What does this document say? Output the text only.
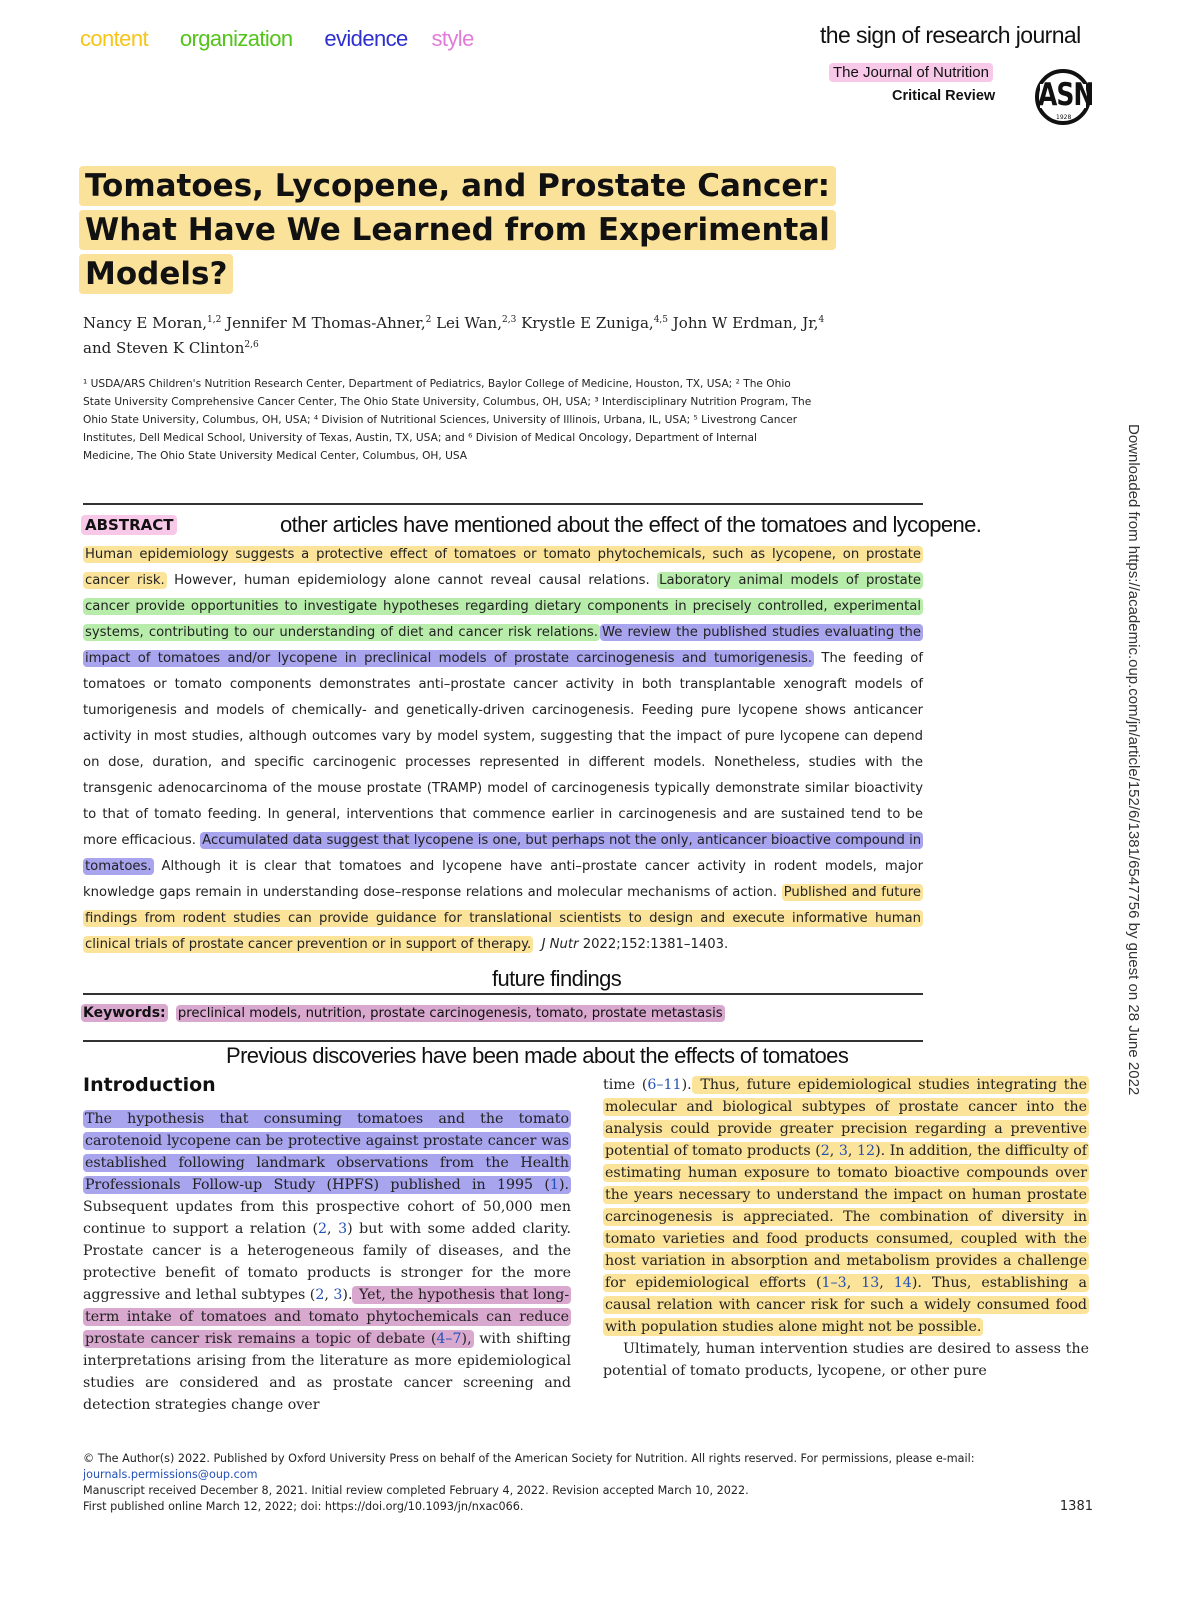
content organization evidence style	the sign of research journal
The Journal of Nutrition
Critical Review ASN
1928
Tomatoes, Lycopene, and Prostate Cancer:
What Have We Learned from Experimental
Models?
Nancy E Moran,$^{1,2}$ Jennifer M Thomas-Ahner,$^2$ Lei Wan,$^{2,3}$ Krystle E Zuniga,$^{4,5}$ John W Erdman, Jr,$^4$
and Steven K Clinton$^{2,6}$
¹ USDA/ARS Children's Nutrition Research Center, Department of Pediatrics, Baylor College of Medicine, Houston, TX, USA; ² The Ohio
State University Comprehensive Cancer Center, The Ohio State University, Columbus, OH, USA; ³ Interdisciplinary Nutrition Program, The
Ohio State University, Columbus, OH, USA; ⁴ Division of Nutritional Sciences, University of Illinois, Urbana, IL, USA; ⁵ Livestrong Cancer
Institutes, Dell Medical School, University of Texas, Austin, TX, USA; and ⁶ Division of Medical Oncology, Department of Internal
Medicine, The Ohio State University Medical Center, Columbus, OH, USA
ABSTRACT	other articles have mentioned about the effect of the tomatoes and lycopene.
Human epidemiology suggests a protective effect of tomatoes or tomato phytochemicals, such as lycopene, on prostate cancer risk. However, human epidemiology alone cannot reveal causal relations. Laboratory animal models of prostate cancer provide opportunities to investigate hypotheses regarding dietary components in precisely controlled, experimental systems, contributing to our understanding of diet and cancer risk relations. We review the published studies evaluating the impact of tomatoes and/or lycopene in preclinical models of prostate carcinogenesis and tumorigenesis. The feeding of tomatoes or tomato components demonstrates anti–prostate cancer activity in both transplantable xenograft models of tumorigenesis and models of chemically- and genetically-driven carcinogenesis. Feeding pure lycopene shows anticancer activity in most studies, although outcomes vary by model system, suggesting that the impact of pure lycopene can depend on dose, duration, and specific carcinogenic processes represented in different models. Nonetheless, studies with the transgenic adenocarcinoma of the mouse prostate (TRAMP) model of carcinogenesis typically demonstrate similar bioactivity to that of tomato feeding. In general, interventions that commence earlier in carcinogenesis and are sustained tend to be more efficacious. Accumulated data suggest that lycopene is one, but perhaps not the only, anticancer bioactive compound in tomatoes. Although it is clear that tomatoes and lycopene have anti–prostate cancer activity in rodent models, major knowledge gaps remain in understanding dose–response relations and molecular mechanisms of action. Published and future findings from rodent studies can provide guidance for translational scientists to design and execute informative human clinical trials of prostate cancer prevention or in support of therapy. J Nutr 2022;152:1381–1403.
future findings
Keywords: preclinical models, nutrition, prostate carcinogenesis, tomato, prostate metastasis
Previous discoveries have been made about the effects of tomatoes
Introduction
The hypothesis that consuming tomatoes and the tomato carotenoid lycopene can be protective against prostate cancer was established following landmark observations from the Health Professionals Follow-up Study (HPFS) published in 1995 (1). Subsequent updates from this prospective cohort of 50,000 men continue to support a relation (2, 3) but with some added clarity. Prostate cancer is a heterogeneous family of diseases, and the protective benefit of tomato products is stronger for the more aggressive and lethal subtypes (2, 3). Yet, the hypothesis that long-term intake of tomatoes and tomato phytochemicals can reduce prostate cancer risk remains a topic of debate (4–7), with shifting interpretations arising from the literature as more epidemiological studies are considered and as prostate cancer screening and detection strategies change over
time (6–11). Thus, future epidemiological studies integrating the molecular and biological subtypes of prostate cancer into the analysis could provide greater precision regarding a preventive potential of tomato products (2, 3, 12). In addition, the difficulty of estimating human exposure to tomato bioactive compounds over the years necessary to understand the impact on human prostate carcinogenesis is appreciated. The combination of diversity in tomato varieties and food products consumed, coupled with the host variation in absorption and metabolism provides a challenge for epidemiological efforts (1–3, 13, 14). Thus, establishing a causal relation with cancer risk for such a widely consumed food with population studies alone might not be possible.
Ultimately, human intervention studies are desired to assess the potential of tomato products, lycopene, or other pure
© The Author(s) 2022. Published by Oxford University Press on behalf of the American Society for Nutrition. All rights reserved. For permissions, please e-mail:
journals.permissions@oup.com
Manuscript received December 8, 2021. Initial review completed February 4, 2022. Revision accepted March 10, 2022.
First published online March 12, 2022; doi: https://doi.org/10.1093/jn/nxac066.	1381
Downloaded from https://academic.oup.com/jn/article/152/6/1381/6547756 by guest on 28 June 2022
